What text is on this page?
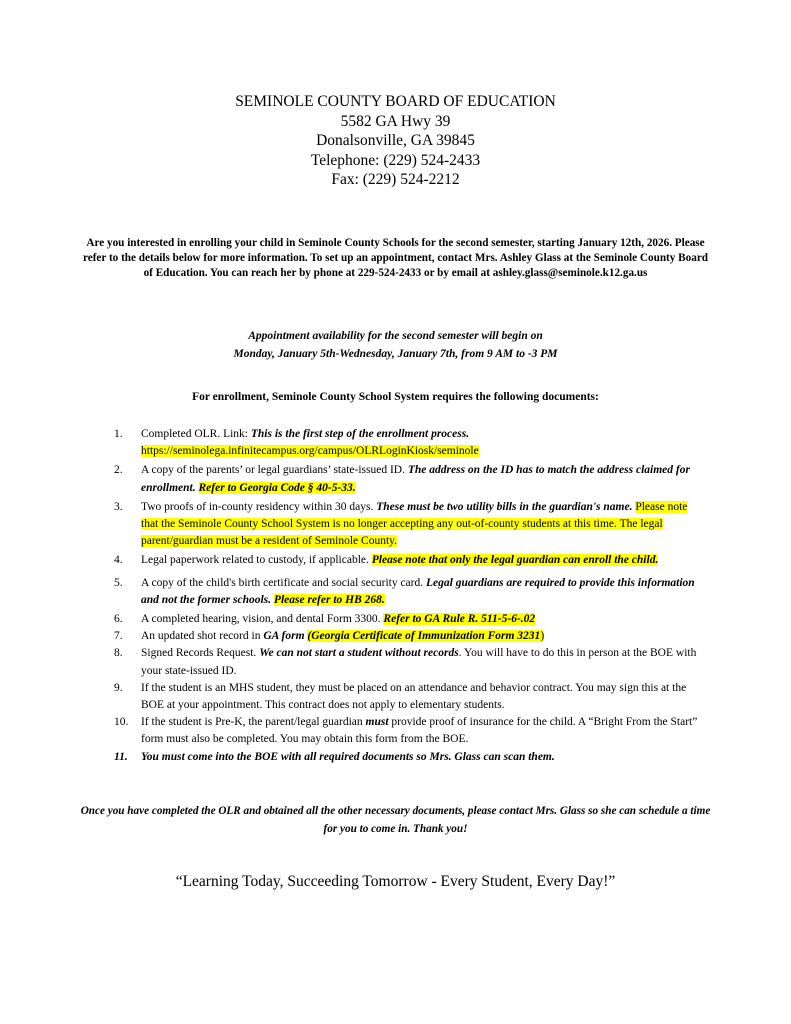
SEMINOLE COUNTY BOARD OF EDUCATION
5582 GA Hwy 39
Donalsonville, GA 39845
Telephone: (229) 524-2433
Fax: (229) 524-2212
Are you interested in enrolling your child in Seminole County Schools for the second semester, starting January 12th, 2026. Please refer to the details below for more information. To set up an appointment, contact Mrs. Ashley Glass at the Seminole County Board of Education. You can reach her by phone at 229-524-2433 or by email at ashley.glass@seminole.k12.ga.us
Appointment availability for the second semester will begin on
Monday, January 5th-Wednesday, January 7th, from 9 AM to -3 PM
For enrollment, Seminole County School System requires the following documents:
1. Completed OLR. Link: This is the first step of the enrollment process.
https://seminolega.infinitecampus.org/campus/OLRLoginKiosk/seminole
2. A copy of the parents’ or legal guardians’ state-issued ID. The address on the ID has to match the address claimed for enrollment. Refer to Georgia Code § 40-5-33.
3. Two proofs of in-county residency within 30 days. These must be two utility bills in the guardian's name. Please note that the Seminole County School System is no longer accepting any out-of-county students at this time. The legal parent/guardian must be a resident of Seminole County.
4. Legal paperwork related to custody, if applicable. Please note that only the legal guardian can enroll the child.
5. A copy of the child's birth certificate and social security card. Legal guardians are required to provide this information and not the former schools. Please refer to HB 268.
6. A completed hearing, vision, and dental Form 3300. Refer to GA Rule R. 511-5-6-.02
7. An updated shot record in GA form (Georgia Certificate of Immunization Form 3231)
8. Signed Records Request. We can not start a student without records. You will have to do this in person at the BOE with your state-issued ID.
9. If the student is an MHS student, they must be placed on an attendance and behavior contract. You may sign this at the BOE at your appointment. This contract does not apply to elementary students.
10. If the student is Pre-K, the parent/legal guardian must provide proof of insurance for the child. A “Bright From the Start” form must also be completed. You may obtain this form from the BOE.
11. You must come into the BOE with all required documents so Mrs. Glass can scan them.
Once you have completed the OLR and obtained all the other necessary documents, please contact Mrs. Glass so she can schedule a time for you to come in. Thank you!
“Learning Today, Succeeding Tomorrow - Every Student, Every Day!”
